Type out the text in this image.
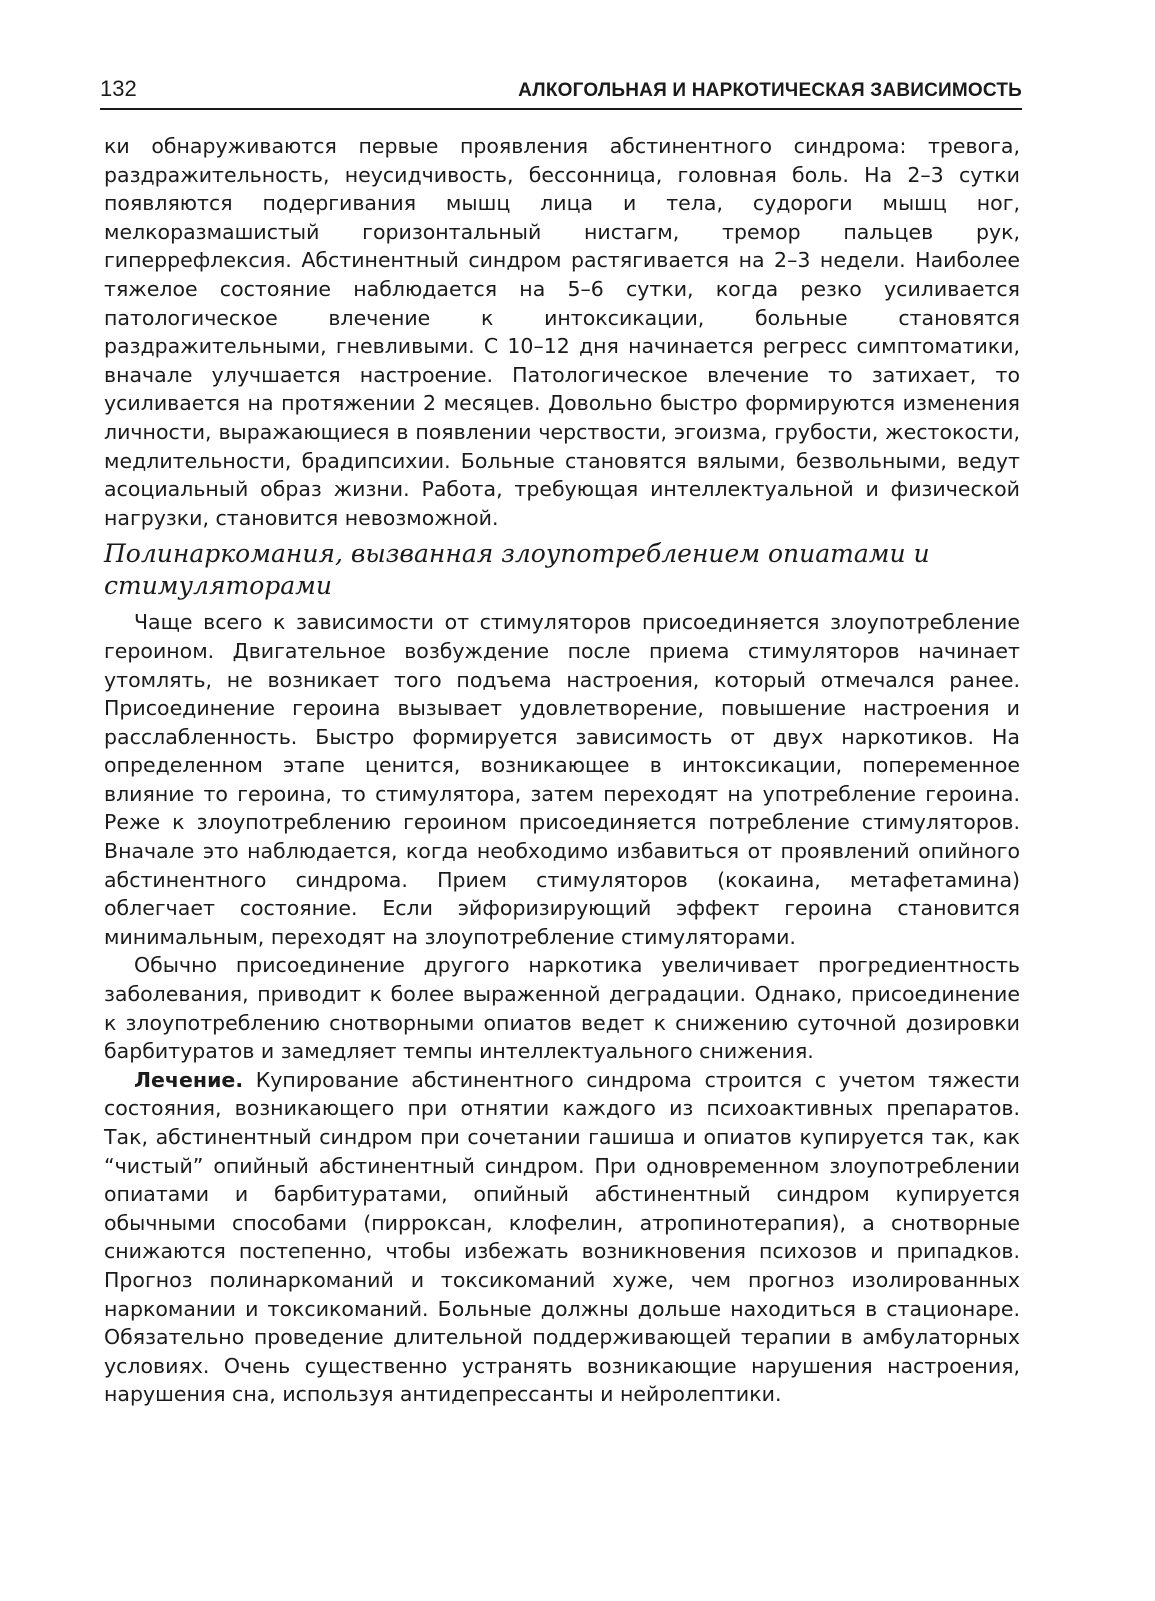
132	АЛКОГОЛЬНАЯ И НАРКОТИЧЕСКАЯ ЗАВИСИМОСТЬ

ки обнаруживаются первые проявления абстинентного синдрома: тревога, раздражительность, неусидчивость, бессонница, головная боль. На 2–3 сутки появляются подергивания мышц лица и тела, судороги мышц ног, мелкоразмашистый горизонтальный нистагм, тремор пальцев рук, гиперрефлексия. Абстинентный синдром растягивается на 2–3 недели. Наиболее тяжелое состояние наблюдается на 5–6 сутки, когда резко усиливается патологическое влечение к интоксикации, больные становятся раздражительными, гневливыми. С 10–12 дня начинается регресс симптоматики, вначале улучшается настроение. Патологическое влечение то затихает, то усиливается на протяжении 2 месяцев. Довольно быстро формируются изменения личности, выражающиеся в появлении черствости, эгоизма, грубости, жестокости, медлительности, брадипсихии. Больные становятся вялыми, безвольными, ведут асоциальный образ жизни. Работа, требующая интеллектуальной и физической нагрузки, становится невозможной.

Полинаркомания, вызванная злоупотреблением опиатами и стимуляторами

Чаще всего к зависимости от стимуляторов присоединяется злоупотребление героином. Двигательное возбуждение после приема стимуляторов начинает утомлять, не возникает того подъема настроения, который отмечался ранее. Присоединение героина вызывает удовлетворение, повышение настроения и расслабленность. Быстро формируется зависимость от двух наркотиков. На определенном этапе ценится, возникающее в интоксикации, попеременное влияние то героина, то стимулятора, затем переходят на употребление героина. Реже к злоупотреблению героином присоединяется потребление стимуляторов. Вначале это наблюдается, когда необходимо избавиться от проявлений опийного абстинентного синдрома. Прием стимуляторов (кокаина, метафетамина) облегчает состояние. Если эйфоризирующий эффект героина становится минимальным, переходят на злоупотребление стимуляторами.

Обычно присоединение другого наркотика увеличивает прогредиентность заболевания, приводит к более выраженной деградации. Однако, присоединение к злоупотреблению снотворными опиатов ведет к снижению суточной дозировки барбитуратов и замедляет темпы интеллектуального снижения.

Лечение. Купирование абстинентного синдрома строится с учетом тяжести состояния, возникающего при отнятии каждого из психоактивных препаратов. Так, абстинентный синдром при сочетании гашиша и опиатов купируется так, как “чистый” опийный абстинентный синдром. При одновременном злоупотреблении опиатами и барбитуратами, опийный абстинентный синдром купируется обычными способами (пирроксан, клофелин, атропинотерапия), а снотворные снижаются постепенно, чтобы избежать возникновения психозов и припадков. Прогноз полинаркоманий и токсикоманий хуже, чем прогноз изолированных наркомании и токсикоманий. Больные должны дольше находиться в стационаре. Обязательно проведение длительной поддерживающей терапии в амбулаторных условиях. Очень существенно устранять возникающие нарушения настроения, нарушения сна, используя антидепрессанты и нейролептики.
